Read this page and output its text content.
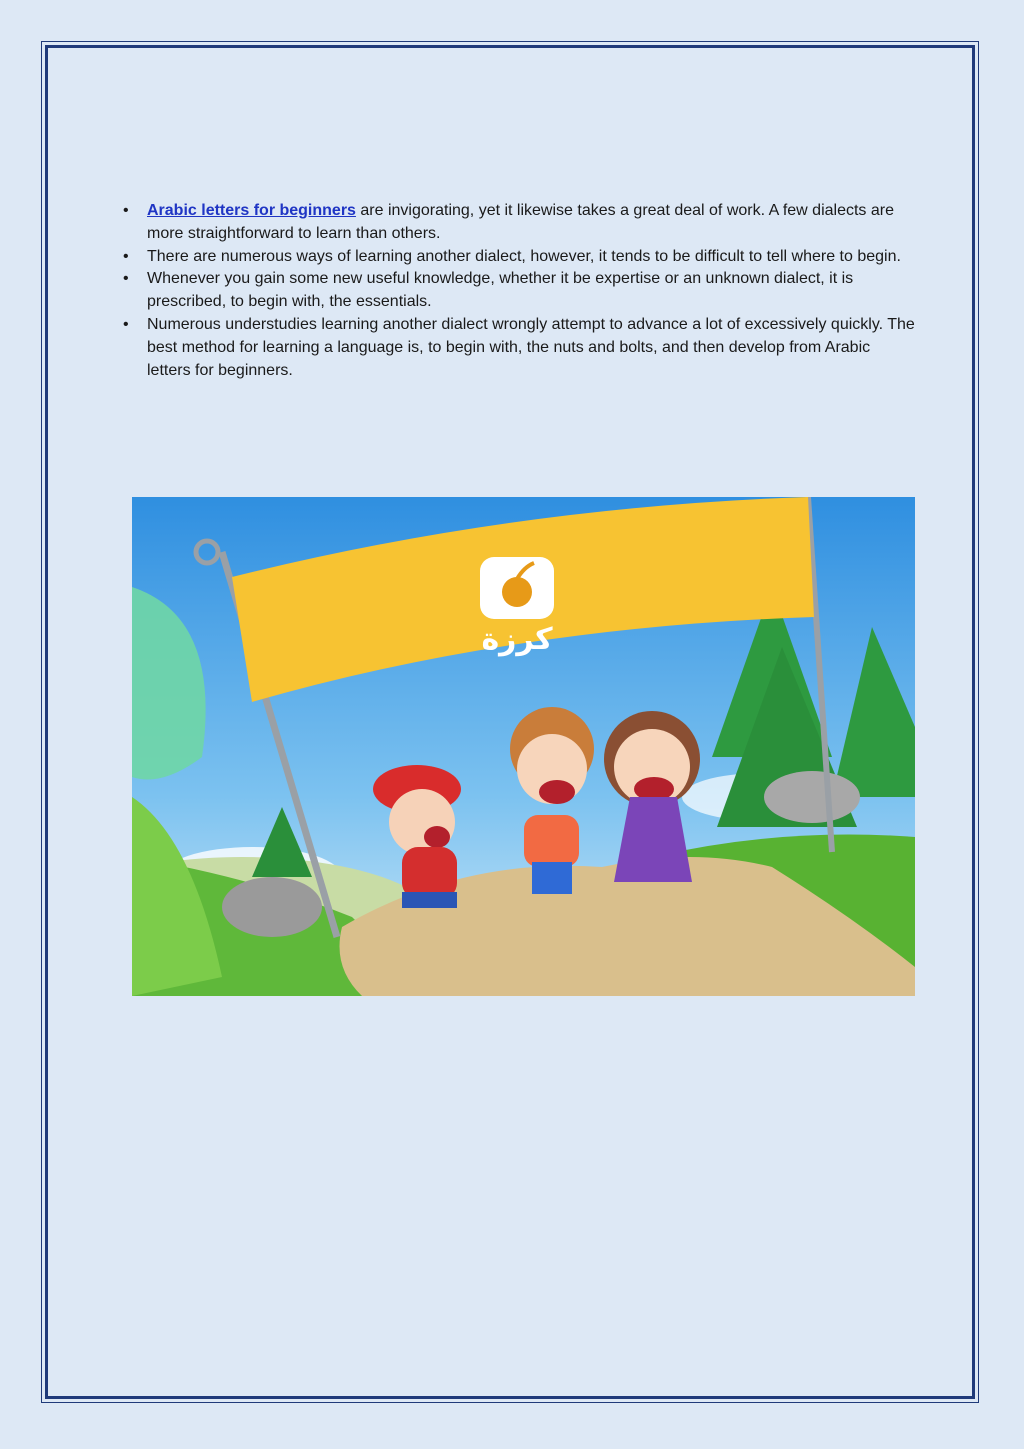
• Arabic letters for beginners are invigorating, yet it likewise takes a great deal of work. A few dialects are more straightforward to learn than others.
• There are numerous ways of learning another dialect, however, it tends to be difficult to tell where to begin.
• Whenever you gain some new useful knowledge, whether it be expertise or an unknown dialect, it is prescribed, to begin with, the essentials.
• Numerous understudies learning another dialect wrongly attempt to advance a lot of excessively quickly. The best method for learning a language is, to begin with, the nuts and bolts, and then develop from Arabic letters for beginners.
كرزة
